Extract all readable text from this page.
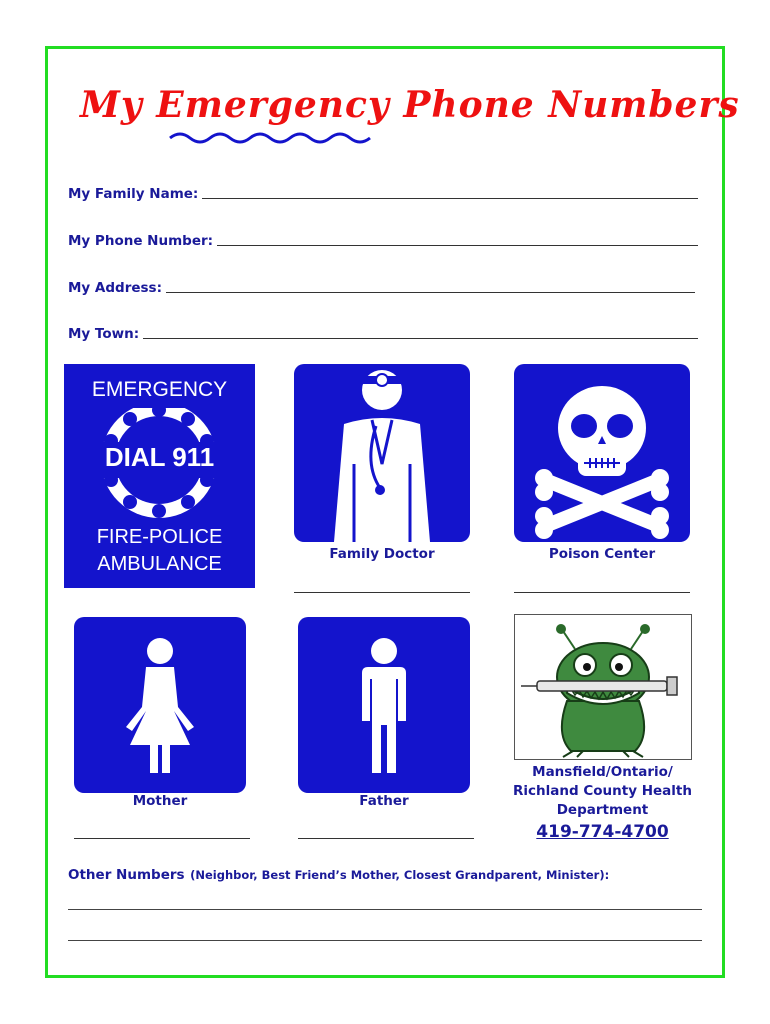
My Emergency Phone Numbers
My Family Name:
My Phone Number:
My Address:
My Town:
EMERGENCY
DIAL 911
FIRE-POLICE
AMBULANCE	Family Doctor	Poison Center
Mother	Father
Mansfield/Ontario/ Richland County Health Department
419-774-4700
Other Numbers (Neighbor, Best Friend’s Mother, Closest Grandparent, Minister):
